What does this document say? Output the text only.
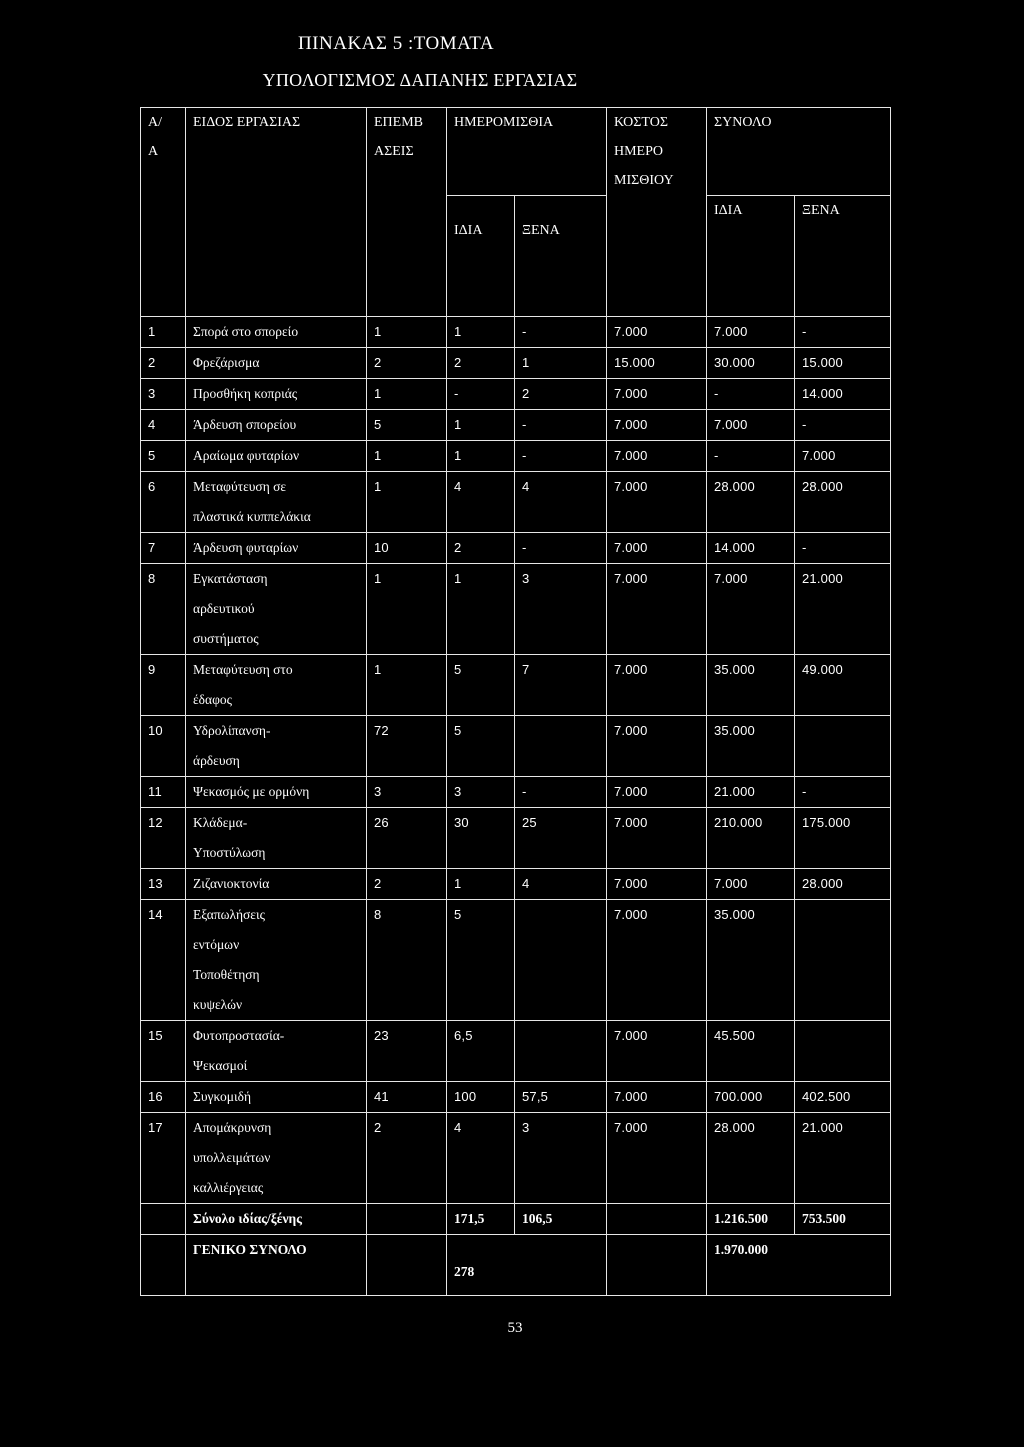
ΠΙΝΑΚΑΣ 5 :ΤΟΜΑΤΑ
ΥΠΟΛΟΓΙΣΜΟΣ ΔΑΠΑΝΗΣ ΕΡΓΑΣΙΑΣ
Α/
Α	ΕΙΔΟΣ ΕΡΓΑΣΙΑΣ	ΕΠΕΜΒ
ΑΣΕΙΣ	ΗΜΕΡΟΜΙΣΘΙΑ		ΚΟΣΤΟΣ
ΗΜΕΡΟ
ΜΙΣΘΙΟΥ	ΣΥΝΟΛΟ	
			ΙΔΙΑ	ΞΕΝΑ		ΙΔΙΑ	ΞΕΝΑ
1	Σπορά στο σπορείο	1	1	-	7.000	7.000	-
2	Φρεζάρισμα	2	2	1	15.000	30.000	15.000
3	Προσθήκη κοπριάς	1	-	2	7.000	-	14.000
4	Άρδευση σπορείου	5	1	-	7.000	7.000	-
5	Αραίωμα φυταρίων	1	1	-	7.000	-	7.000
6	Μεταφύτευση σε
πλαστικά κυππελάκια	1	4	4	7.000	28.000	28.000
7	Άρδευση φυταρίων	10	2	-	7.000	14.000	-
8	Εγκατάσταση
αρδευτικού
συστήματος	1	1	3	7.000	7.000	21.000
9	Μεταφύτευση στο
έδαφος	1	5	7	7.000	35.000	49.000
10	Υδρολίπανση-
άρδευση	72	5		7.000	35.000	
11	Ψεκασμός με ορμόνη	3	3	-	7.000	21.000	-
12	Κλάδεμα-
Υποστύλωση	26	30	25	7.000	210.000	175.000
13	Ζιζανιοκτονία	2	1	4	7.000	7.000	28.000
14	Εξαπωλήσεις
εντόμων
Τοποθέτηση
κυψελών	8	5		7.000	35.000	
15	Φυτοπροστασία-
Ψεκασμοί	23	6,5		7.000	45.500	
16	Συγκομιδή	41	100	57,5	7.000	700.000	402.500
17	Απομάκρυνση
υπολλειμάτων
καλλιέργειας	2	4	3	7.000	28.000	21.000
	Σύνολο ιδίας/ξένης		171,5	106,5		1.216.500	753.500
	ΓΕΝΙΚΟ ΣΥΝΟΛΟ		278			1.970.000	
53
